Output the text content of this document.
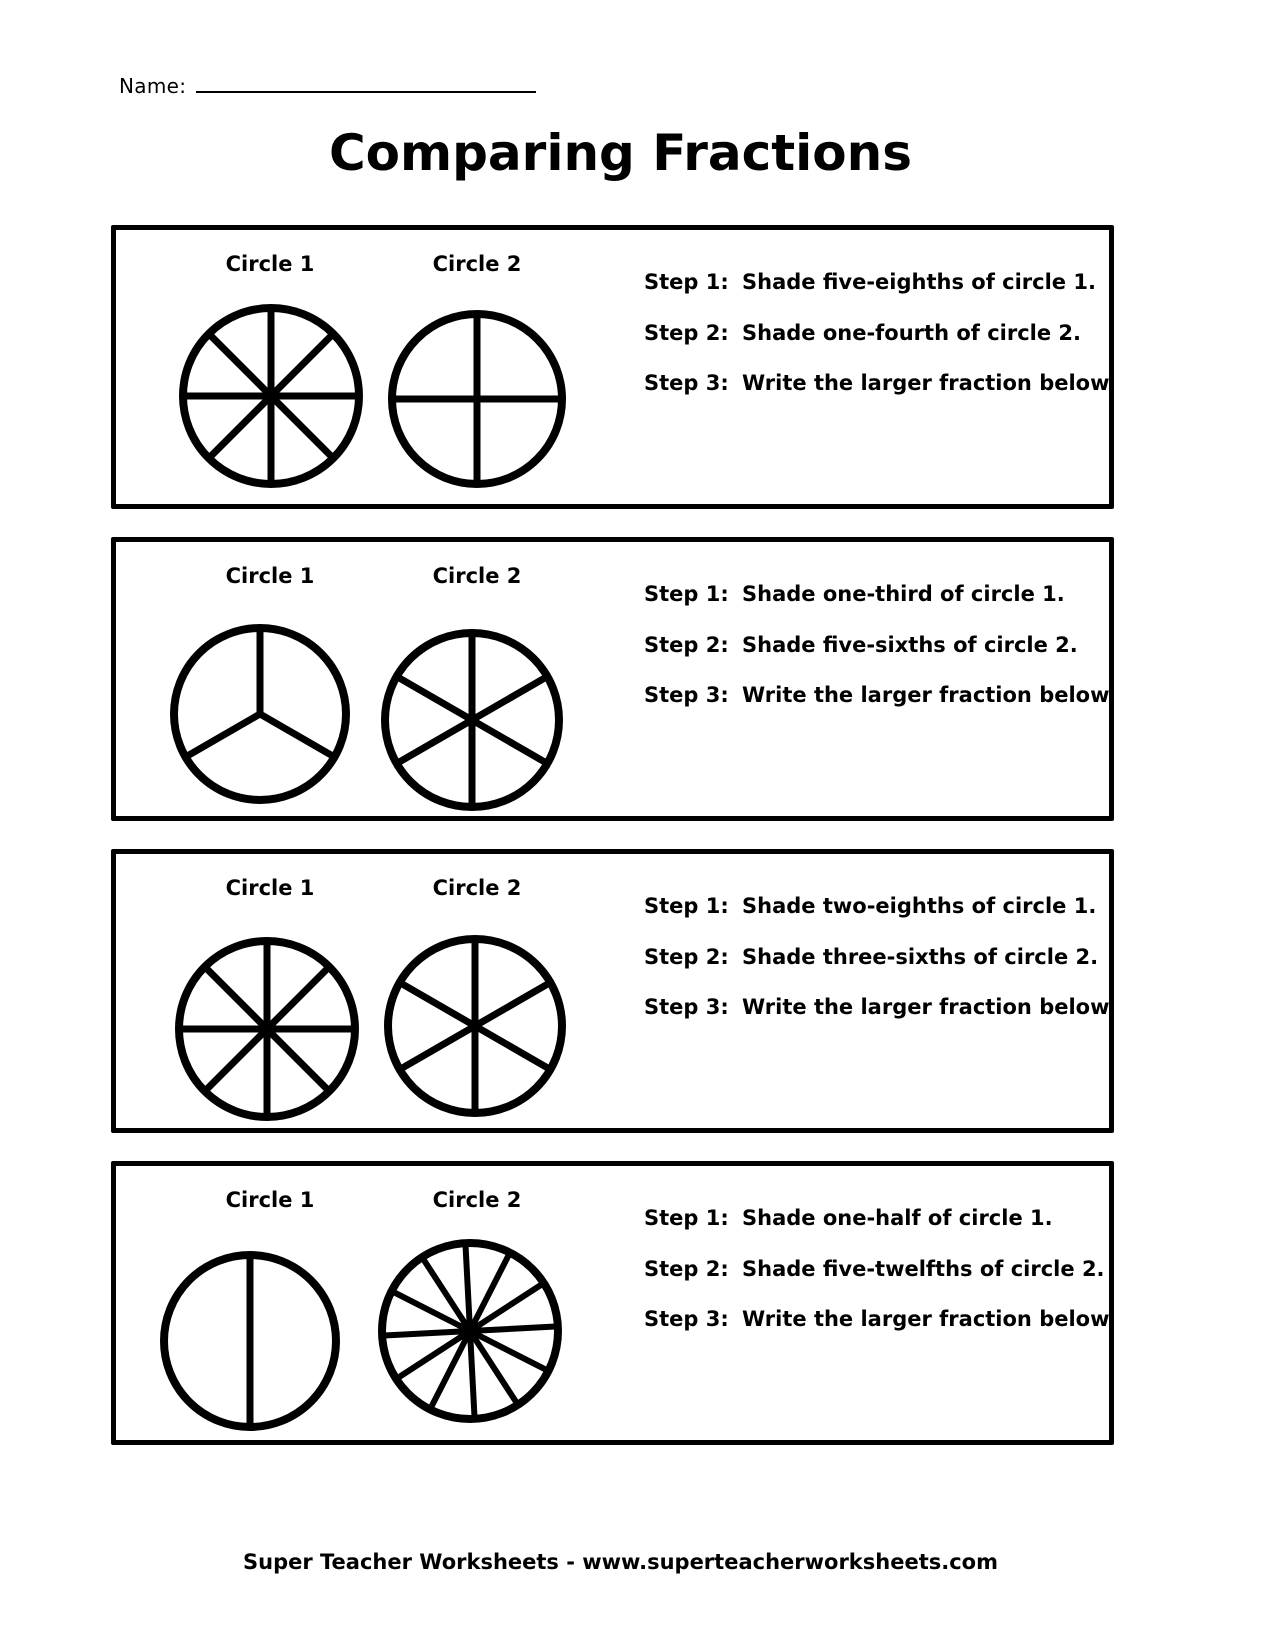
Name:
Comparing Fractions
Circle 1	Circle 2
Step 1: Shade five-eighths of circle 1.
Step 2: Shade one-fourth of circle 2.
Step 3: Write the larger fraction below.
Circle 1	Circle 2
Step 1: Shade one-third of circle 1.
Step 2: Shade five-sixths of circle 2.
Step 3: Write the larger fraction below.
Circle 1	Circle 2
Step 1: Shade two-eighths of circle 1.
Step 2: Shade three-sixths of circle 2.
Step 3: Write the larger fraction below.
Circle 1	Circle 2
Step 1: Shade one-half of circle 1.
Step 2: Shade five-twelfths of circle 2.
Step 3: Write the larger fraction below.
Super Teacher Worksheets - www.superteacherworksheets.com
